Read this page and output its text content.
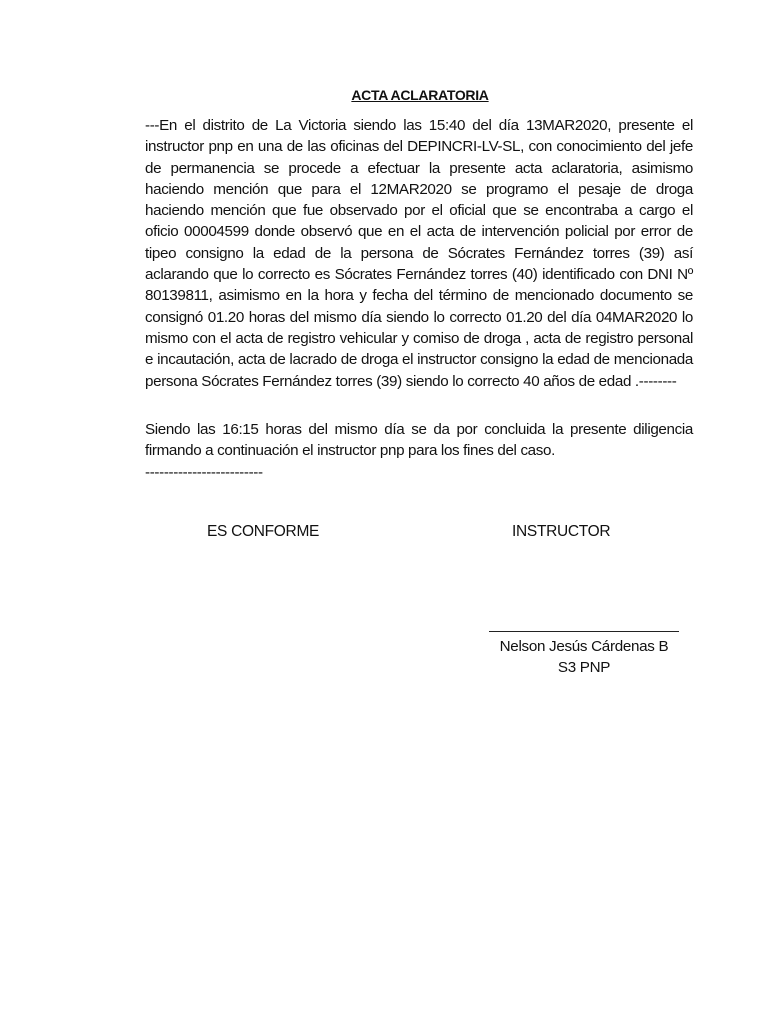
ACTA ACLARATORIA

---En el distrito de La Victoria siendo las 15:40 del día 13MAR2020, presente el instructor pnp en una de las oficinas del DEPINCRI-LV-SL, con conocimiento del jefe de permanencia se procede a efectuar la presente acta aclaratoria, asimismo haciendo mención que para el 12MAR2020 se programo el pesaje de droga haciendo mención que fue observado por el oficial que se encontraba a cargo el oficio 00004599 donde observó que en el acta de intervención policial por error de tipeo consigno la edad de la persona de Sócrates Fernández torres (39) así aclarando que lo correcto es Sócrates Fernández torres (40) identificado con DNI Nº 80139811, asimismo en la hora y fecha del término de mencionado documento se consignó 01.20 horas del mismo día siendo lo correcto 01.20 del día 04MAR2020 lo mismo con el acta de registro vehicular y comiso de droga , acta de registro personal e incautación, acta de lacrado de droga el instructor consigno la edad de mencionada persona Sócrates Fernández torres (39) siendo lo correcto 40 años de edad .--------

Siendo las 16:15 horas del mismo día se da por concluida la presente diligencia firmando a continuación el instructor pnp para los fines del caso.
-------------------------

ES CONFORME	INSTRUCTOR
Nelson Jesús Cárdenas B
S3 PNP
